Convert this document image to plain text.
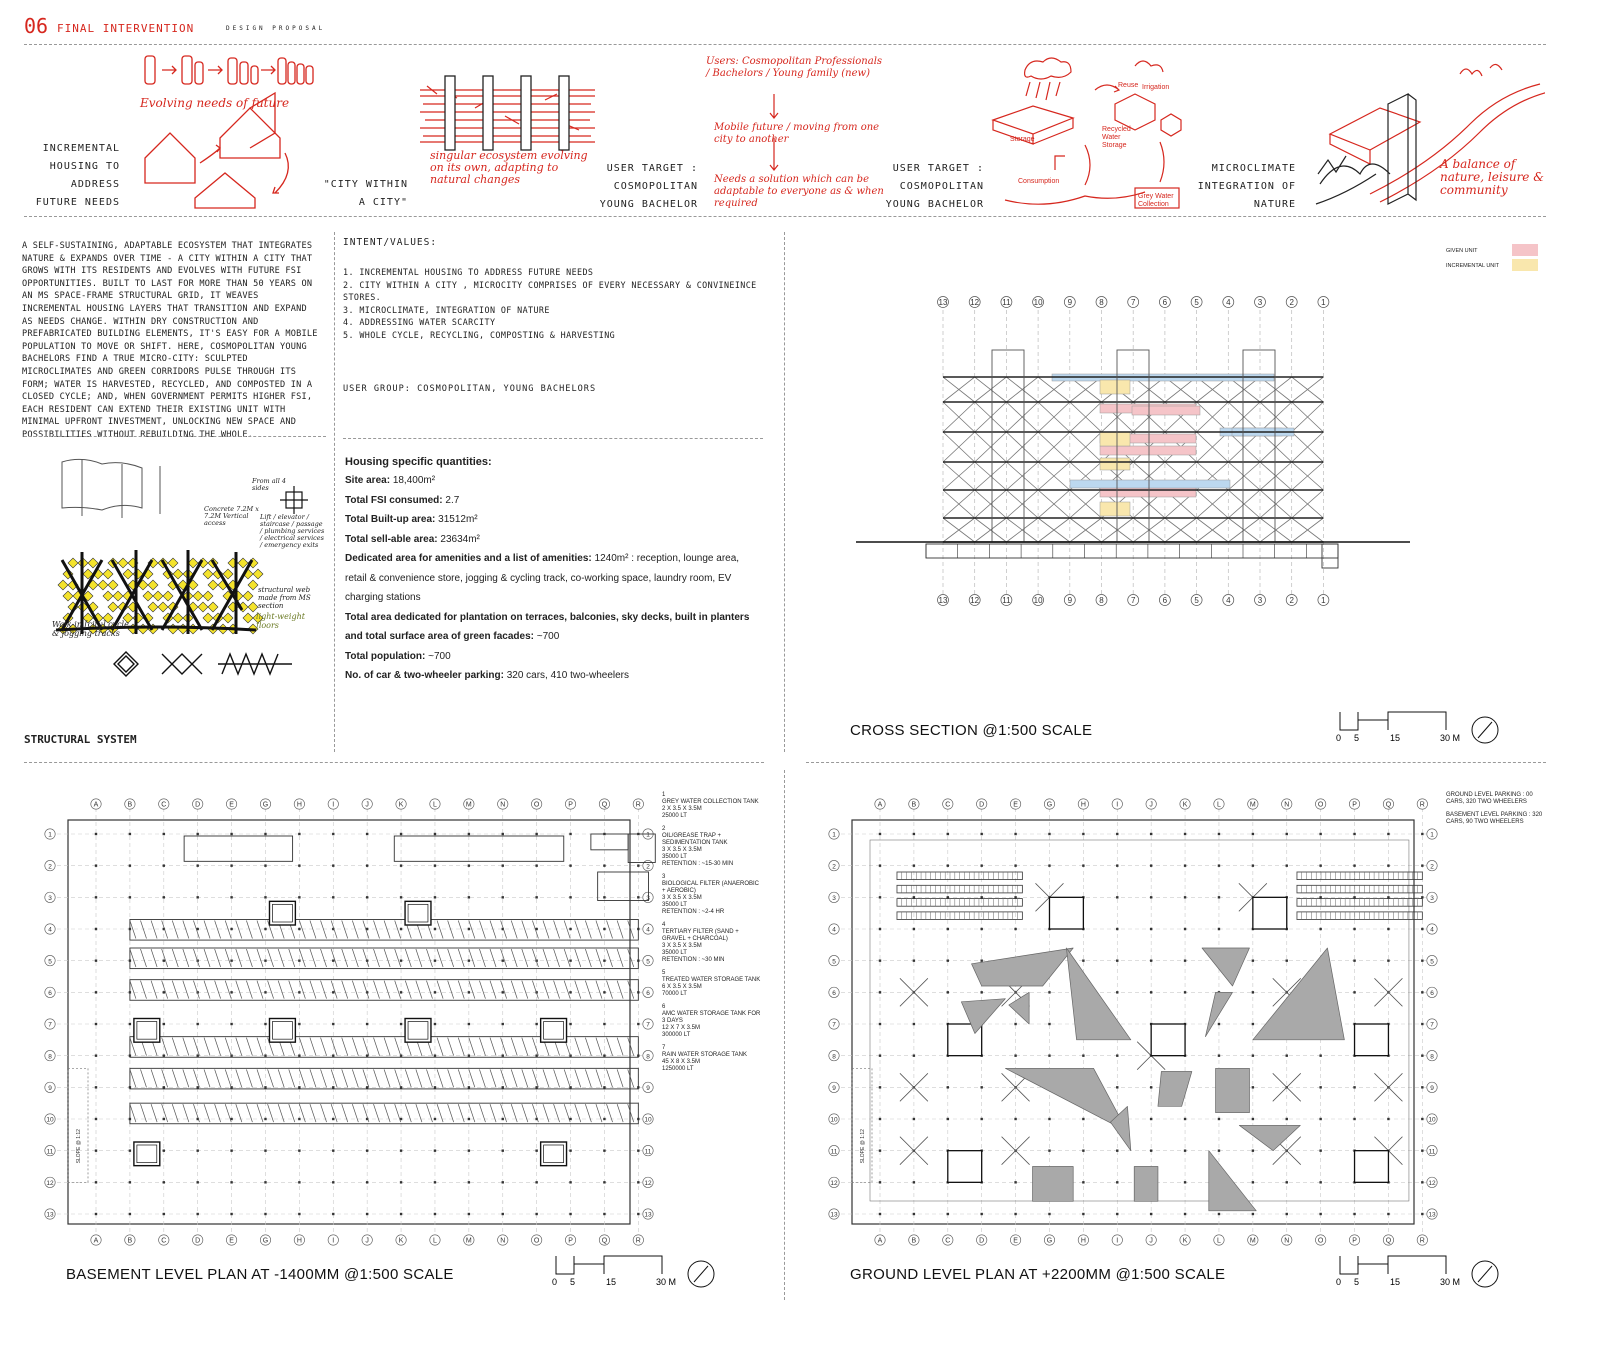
06 FINAL INTERVENTION	DESIGN PROPOSAL
INCREMENTAL HOUSING TO ADDRESS FUTURE NEEDS
Evolving needs of future
"CITY WITHIN A CITY"
singular ecosystem evolving on its own, adapting to natural changes
USER TARGET : COSMOPOLITAN YOUNG BACHELOR
Users: Cosmopolitan Professionals / Bachelors / Young family (new)
Mobile future / moving from one city to another
Needs a solution which can be adaptable to everyone as & when required
USER TARGET : COSMOPOLITAN YOUNG BACHELOR
Reuse Irrigation
Storage
Recycled Water Storage
Consumption
Grey Water Collection
MICROCLIMATE INTEGRATION OF NATURE
A balance of nature, leisure & community
A SELF-SUSTAINING, ADAPTABLE ECOSYSTEM THAT INTEGRATES NATURE & EXPANDS OVER TIME - A CITY WITHIN A CITY THAT GROWS WITH ITS RESIDENTS AND EVOLVES WITH FUTURE FSI OPPORTUNITIES. BUILT TO LAST FOR MORE THAN 50 YEARS ON AN MS SPACE-FRAME STRUCTURAL GRID, IT WEAVES INCREMENTAL HOUSING LAYERS THAT TRANSITION AND EXPAND AS NEEDS CHANGE. WITHIN DRY CONSTRUCTION AND PREFABRICATED BUILDING ELEMENTS, IT'S EASY FOR A MOBILE POPULATION TO MOVE OR SHIFT. HERE, COSMOPOLITAN YOUNG BACHELORS FIND A TRUE MICRO-CITY: SCULPTED MICROCLIMATES AND GREEN CORRIDORS PULSE THROUGH ITS FORM; WATER IS HARVESTED, RECYCLED, AND COMPOSTED IN A CLOSED CYCLE; AND, WHEN GOVERNMENT PERMITS HIGHER FSI, EACH RESIDENT CAN EXTEND THEIR EXISTING UNIT WITH MINIMAL UPFRONT INVESTMENT, UNLOCKING NEW SPACE AND POSSIBILITIES WITHOUT REBUILDING THE WHOLE.
INTENT/VALUES:
1. INCREMENTAL HOUSING TO ADDRESS FUTURE NEEDS
2. CITY WITHIN A CITY , MICROCITY COMPRISES OF EVERY NECESSARY & CONVINEINCE STORES.
3. MICROCLIMATE, INTEGRATION OF NATURE
4. ADDRESSING WATER SCARCITY
5. WHOLE CYCLE, RECYCLING, COMPOSTING & HARVESTING
USER GROUP: COSMOPOLITAN, YOUNG BACHELORS
Housing specific quantities:
Site area: 18,400m²
Total FSI consumed: 2.7
Total Built-up area: 31512m²
Total sell-able area: 23634m²
Dedicated area for amenities and a list of amenities: 1240m² : reception, lounge area, retail & convenience store, jogging & cycling track, co-working space, laundry room, EV charging stations
Total area dedicated for plantation on terraces, balconies, sky decks, built in planters and total surface area of green facades: ~700
Total population: ~700
No. of car & two-wheeler parking: 320 cars, 410 two-wheelers
From all 4 sides
Concrete 7.2M x 7.2M Vertical access
Lift / elevator / staircase / passage / plumbing services / electrical services / emergency exits
structural web made from MS section
Walk-in [city] cycle & jogging tracks
light-weight floors
STRUCTURAL SYSTEM
13
13
12
12
11
11
10
10
9
9
8
8
7
7
6
6
5
5
4
4
3
3
2
2
1
1
GIVEN UNIT
INCREMENTAL UNIT
CROSS SECTION @1:500 SCALE	0 5	15	30 M
A
A
B
B
C
C
D
D
E
E
G
G
H
H
I
I
J
J
K
K
L
L
M
M
N
N
O
O
P
P
Q
Q
R
R
1	1
2	2
3	3
4	4
5	5
6	6
7	7
8	8
9	9
10	10
11	11
12	12
13	13
SLOPE @ 1:12
1
GREY WATER COLLECTION TANK
2 X 3.5 X 3.5M
25000 LT
2
OIL/GREASE TRAP + SEDIMENTATION TANK
3 X 3.5 X 3.5M
35000 LT
RETENTION : ~15-30 MIN
3
BIOLOGICAL FILTER (ANAEROBIC + AEROBIC)
3 X 3.5 X 3.5M
35000 LT
RETENTION : ~2-4 HR
4
TERTIARY FILTER (SAND + GRAVEL + CHARCOAL)
3 X 3.5 X 3.5M
35000 LT
RETENTION : ~30 MIN
5
TREATED WATER STORAGE TANK
6 X 3.5 X 3.5M
70000 LT
6
AMC WATER STORAGE TANK FOR 3 DAYS
12 X 7 X 3.5M
300000 LT
7
RAIN WATER STORAGE TANK
45 X 8 X 3.5M
1250000 LT
BASEMENT LEVEL PLAN AT -1400MM @1:500 SCALE	0 5	15	30 M
A
A
B
B
C
C
D
D
E
E
G
G
H
H
I
I
J
J
K
K
L
L
M
M
N
N
O
O
P
P
Q
Q
R
R
1	1
2	2
3	3
4	4
5	5
6	6
7	7
8	8
9	9
10	10
11	11
12	12
13	13
SLOPE @ 1:12
GROUND LEVEL PARKING : 00 CARS, 320 TWO WHEELERS
BASEMENT LEVEL PARKING : 320 CARS, 90 TWO WHEELERS
GROUND LEVEL PLAN AT +2200MM @1:500 SCALE	0 5	15	30 M
